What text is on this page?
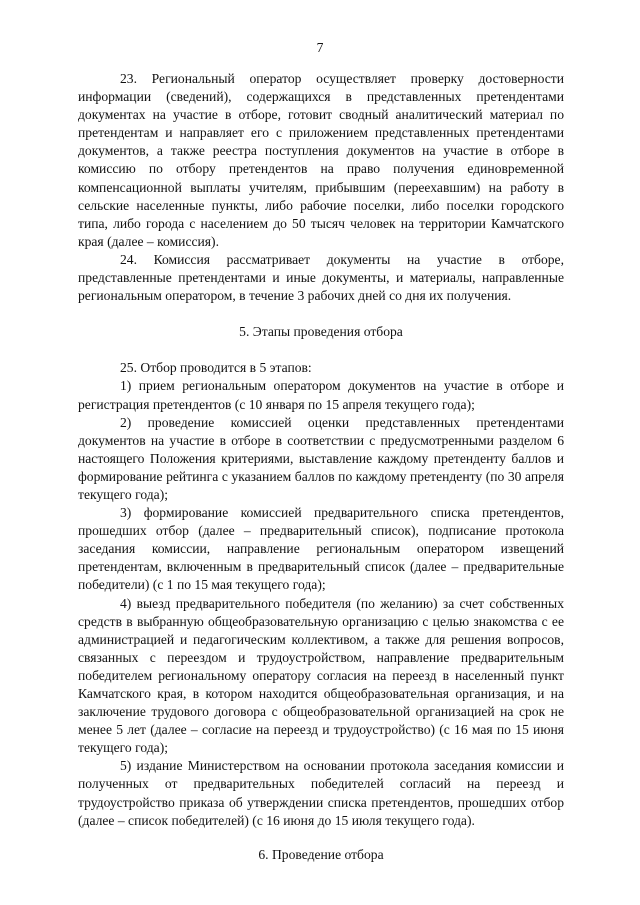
7

23. Региональный оператор осуществляет проверку достоверности информации (сведений), содержащихся в представленных претендентами документах на участие в отборе, готовит сводный аналитический материал по претендентам и направляет его с приложением представленных претендентами документов, а также реестра поступления документов на участие в отборе в комиссию по отбору претендентов на право получения единовременной компенсационной выплаты учителям, прибывшим (переехавшим) на работу в сельские населенные пункты, либо рабочие поселки, либо поселки городского типа, либо города с населением до 50 тысяч человек на территории Камчатского края (далее – комиссия).

24. Комиссия рассматривает документы на участие в отборе, представленные претендентами и иные документы, и материалы, направленные региональным оператором, в течение 3 рабочих дней со дня их получения.

5. Этапы проведения отбора

25. Отбор проводится в 5 этапов:

1) прием региональным оператором документов на участие в отборе и регистрация претендентов (с 10 января по 15 апреля текущего года);

2) проведение комиссией оценки представленных претендентами документов на участие в отборе в соответствии с предусмотренными разделом 6 настоящего Положения критериями, выставление каждому претенденту баллов и формирование рейтинга с указанием баллов по каждому претенденту (по 30 апреля текущего года);

3) формирование комиссией предварительного списка претендентов, прошедших отбор (далее – предварительный список), подписание протокола заседания комиссии, направление региональным оператором извещений претендентам, включенным в предварительный список (далее – предварительные победители) (с 1 по 15 мая текущего года);

4) выезд предварительного победителя (по желанию) за счет собственных средств в выбранную общеобразовательную организацию с целью знакомства с ее администрацией и педагогическим коллективом, а также для решения вопросов, связанных с переездом и трудоустройством, направление предварительным победителем региональному оператору согласия на переезд в населенный пункт Камчатского края, в котором находится общеобразовательная организация, и на заключение трудового договора с общеобразовательной организацией на срок не менее 5 лет (далее – согласие на переезд и трудоустройство) (с 16 мая по 15 июня текущего года);

5) издание Министерством на основании протокола заседания комиссии и полученных от предварительных победителей согласий на переезд и трудоустройство приказа об утверждении списка претендентов, прошедших отбор (далее – список победителей) (с 16 июня до 15 июля текущего года).

6. Проведение отбора
